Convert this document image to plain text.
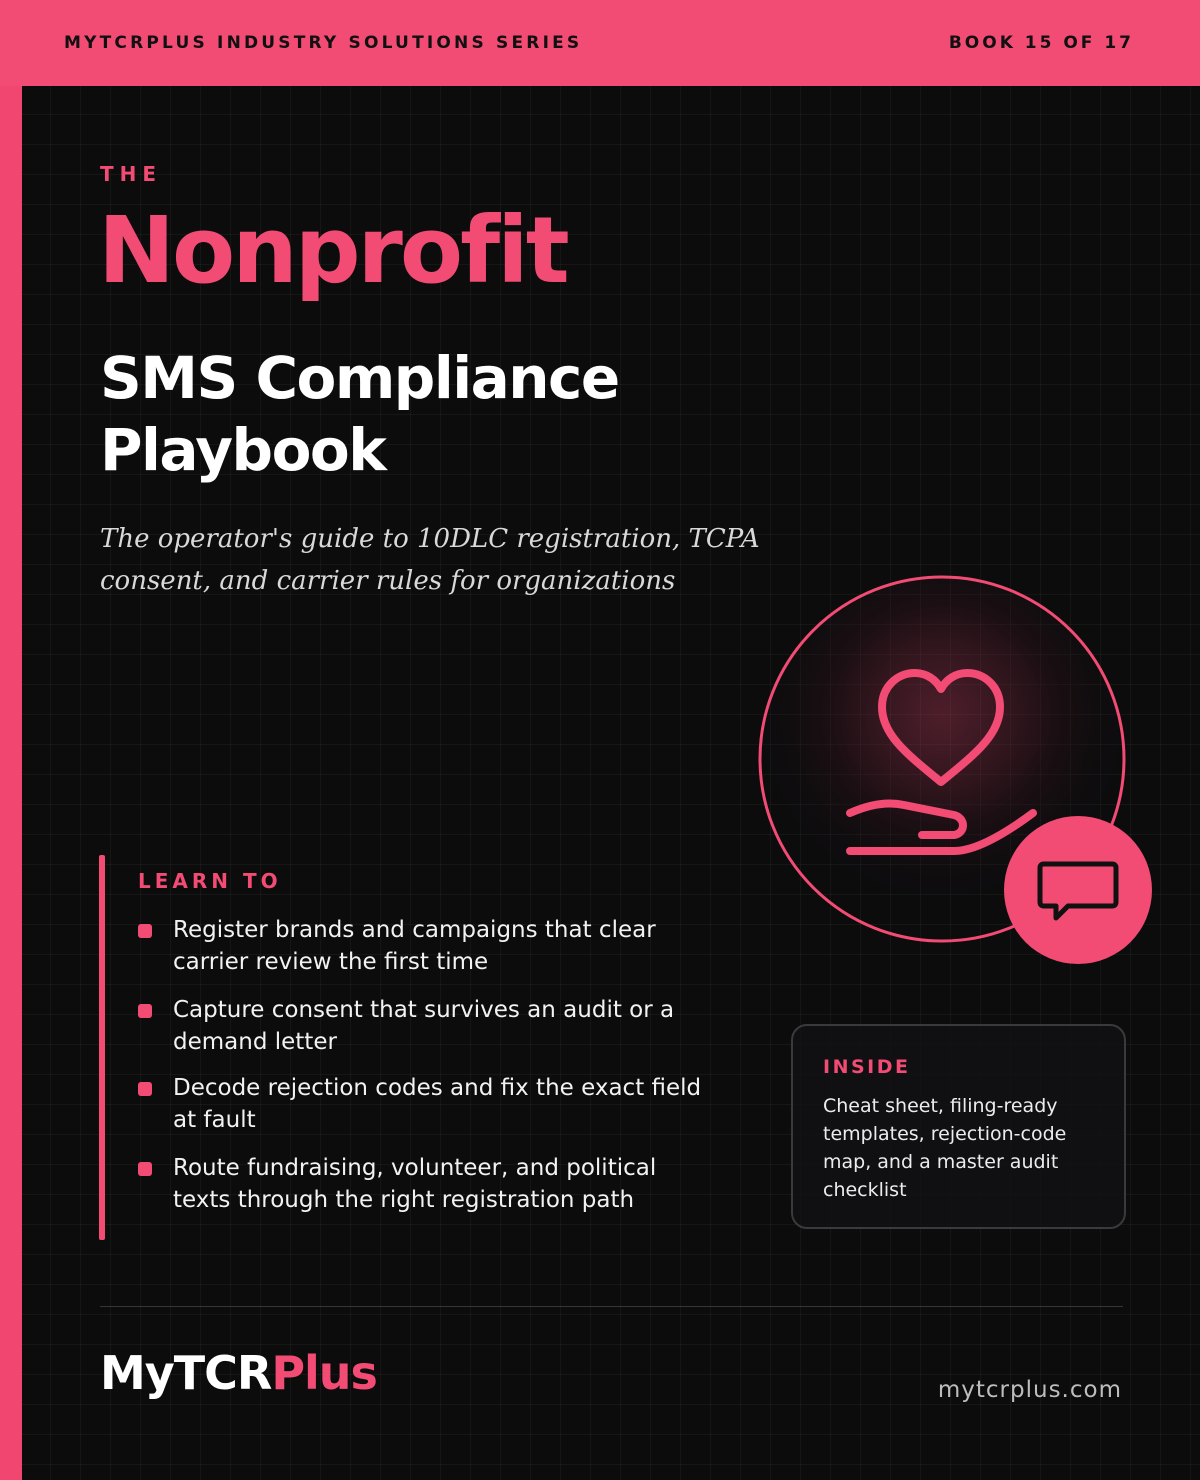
MYTCRPLUS INDUSTRY SOLUTIONS SERIES	BOOK 15 OF 17
THE
Nonprofit
SMS Compliance
Playbook
The operator's guide to 10DLC registration, TCPA
consent, and carrier rules for organizations
LEARN TO
Register brands and campaigns that clear
carrier review the first time
Capture consent that survives an audit or a
demand letter
Decode rejection codes and fix the exact field
at fault
Route fundraising, volunteer, and political
texts through the right registration path
INSIDE
Cheat sheet, filing-ready
templates, rejection-code
map, and a master audit
checklist
MyTCRPlus	mytcrplus.com
